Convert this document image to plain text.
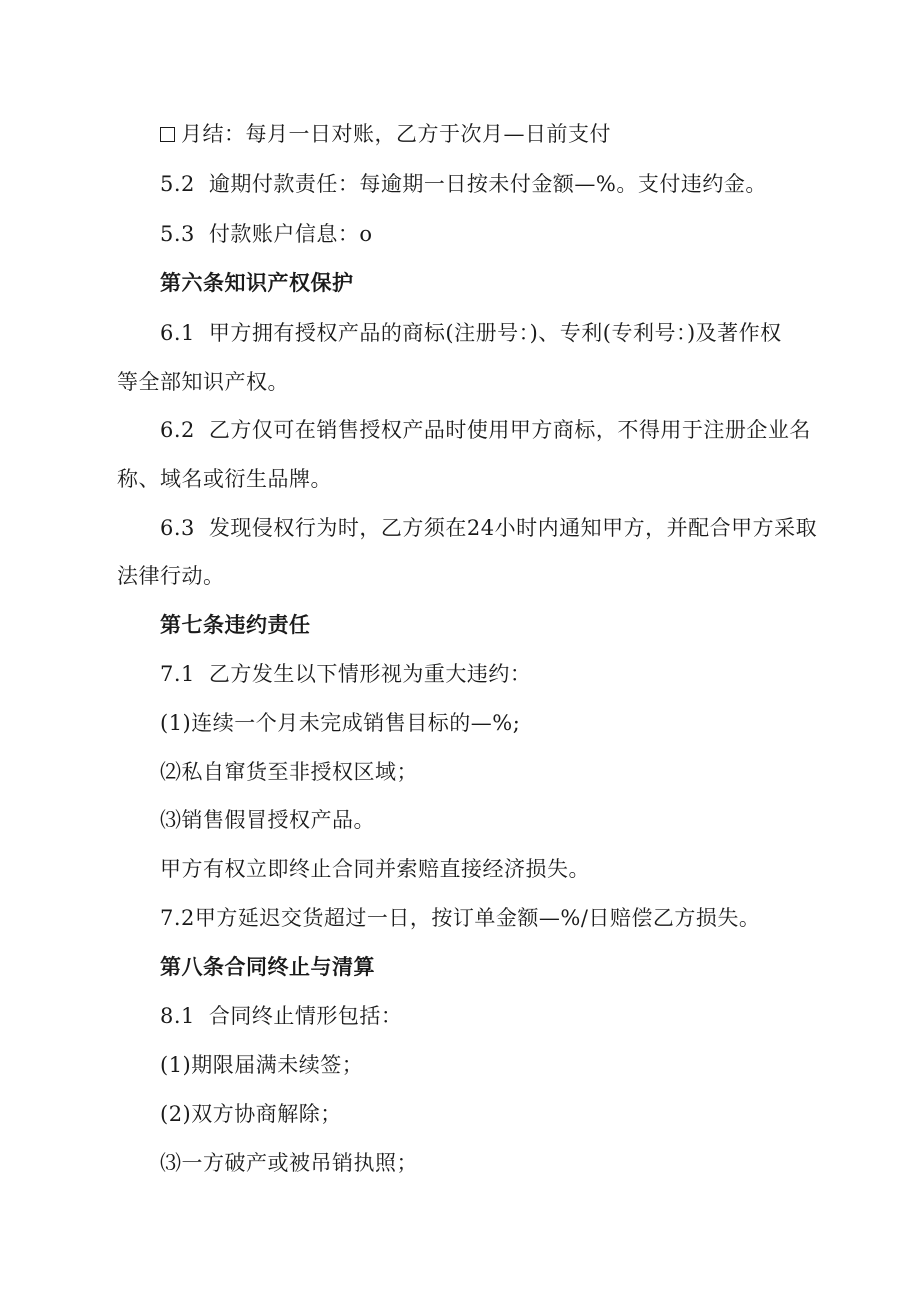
月结：每月一日对账，乙方于次月—日前支付
5.2 逾期付款责任：每逾期一日按未付金额—%。支付违约金。
5.3 付款账户信息：o
第六条知识产权保护
6.1 甲方拥有授权产品的商标(注册号：)、专利(专利号：)及著作权
等全部知识产权。
6.2 乙方仅可在销售授权产品时使用甲方商标，不得用于注册企业名
称、域名或衍生品牌。
6.3 发现侵权行为时，乙方须在24小时内通知甲方，并配合甲方采取
法律行动。
第七条违约责任
7.1 乙方发生以下情形视为重大违约：
(1)连续一个月未完成销售目标的—%;
⑵私自窜货至非授权区域；
⑶销售假冒授权产品。
甲方有权立即终止合同并索赔直接经济损失。
7.2甲方延迟交货超过一日，按订单金额—%/日赔偿乙方损失。
第八条合同终止与清算
8.1 合同终止情形包括：
(1)期限届满未续签；
(2)双方协商解除；
⑶一方破产或被吊销执照；
